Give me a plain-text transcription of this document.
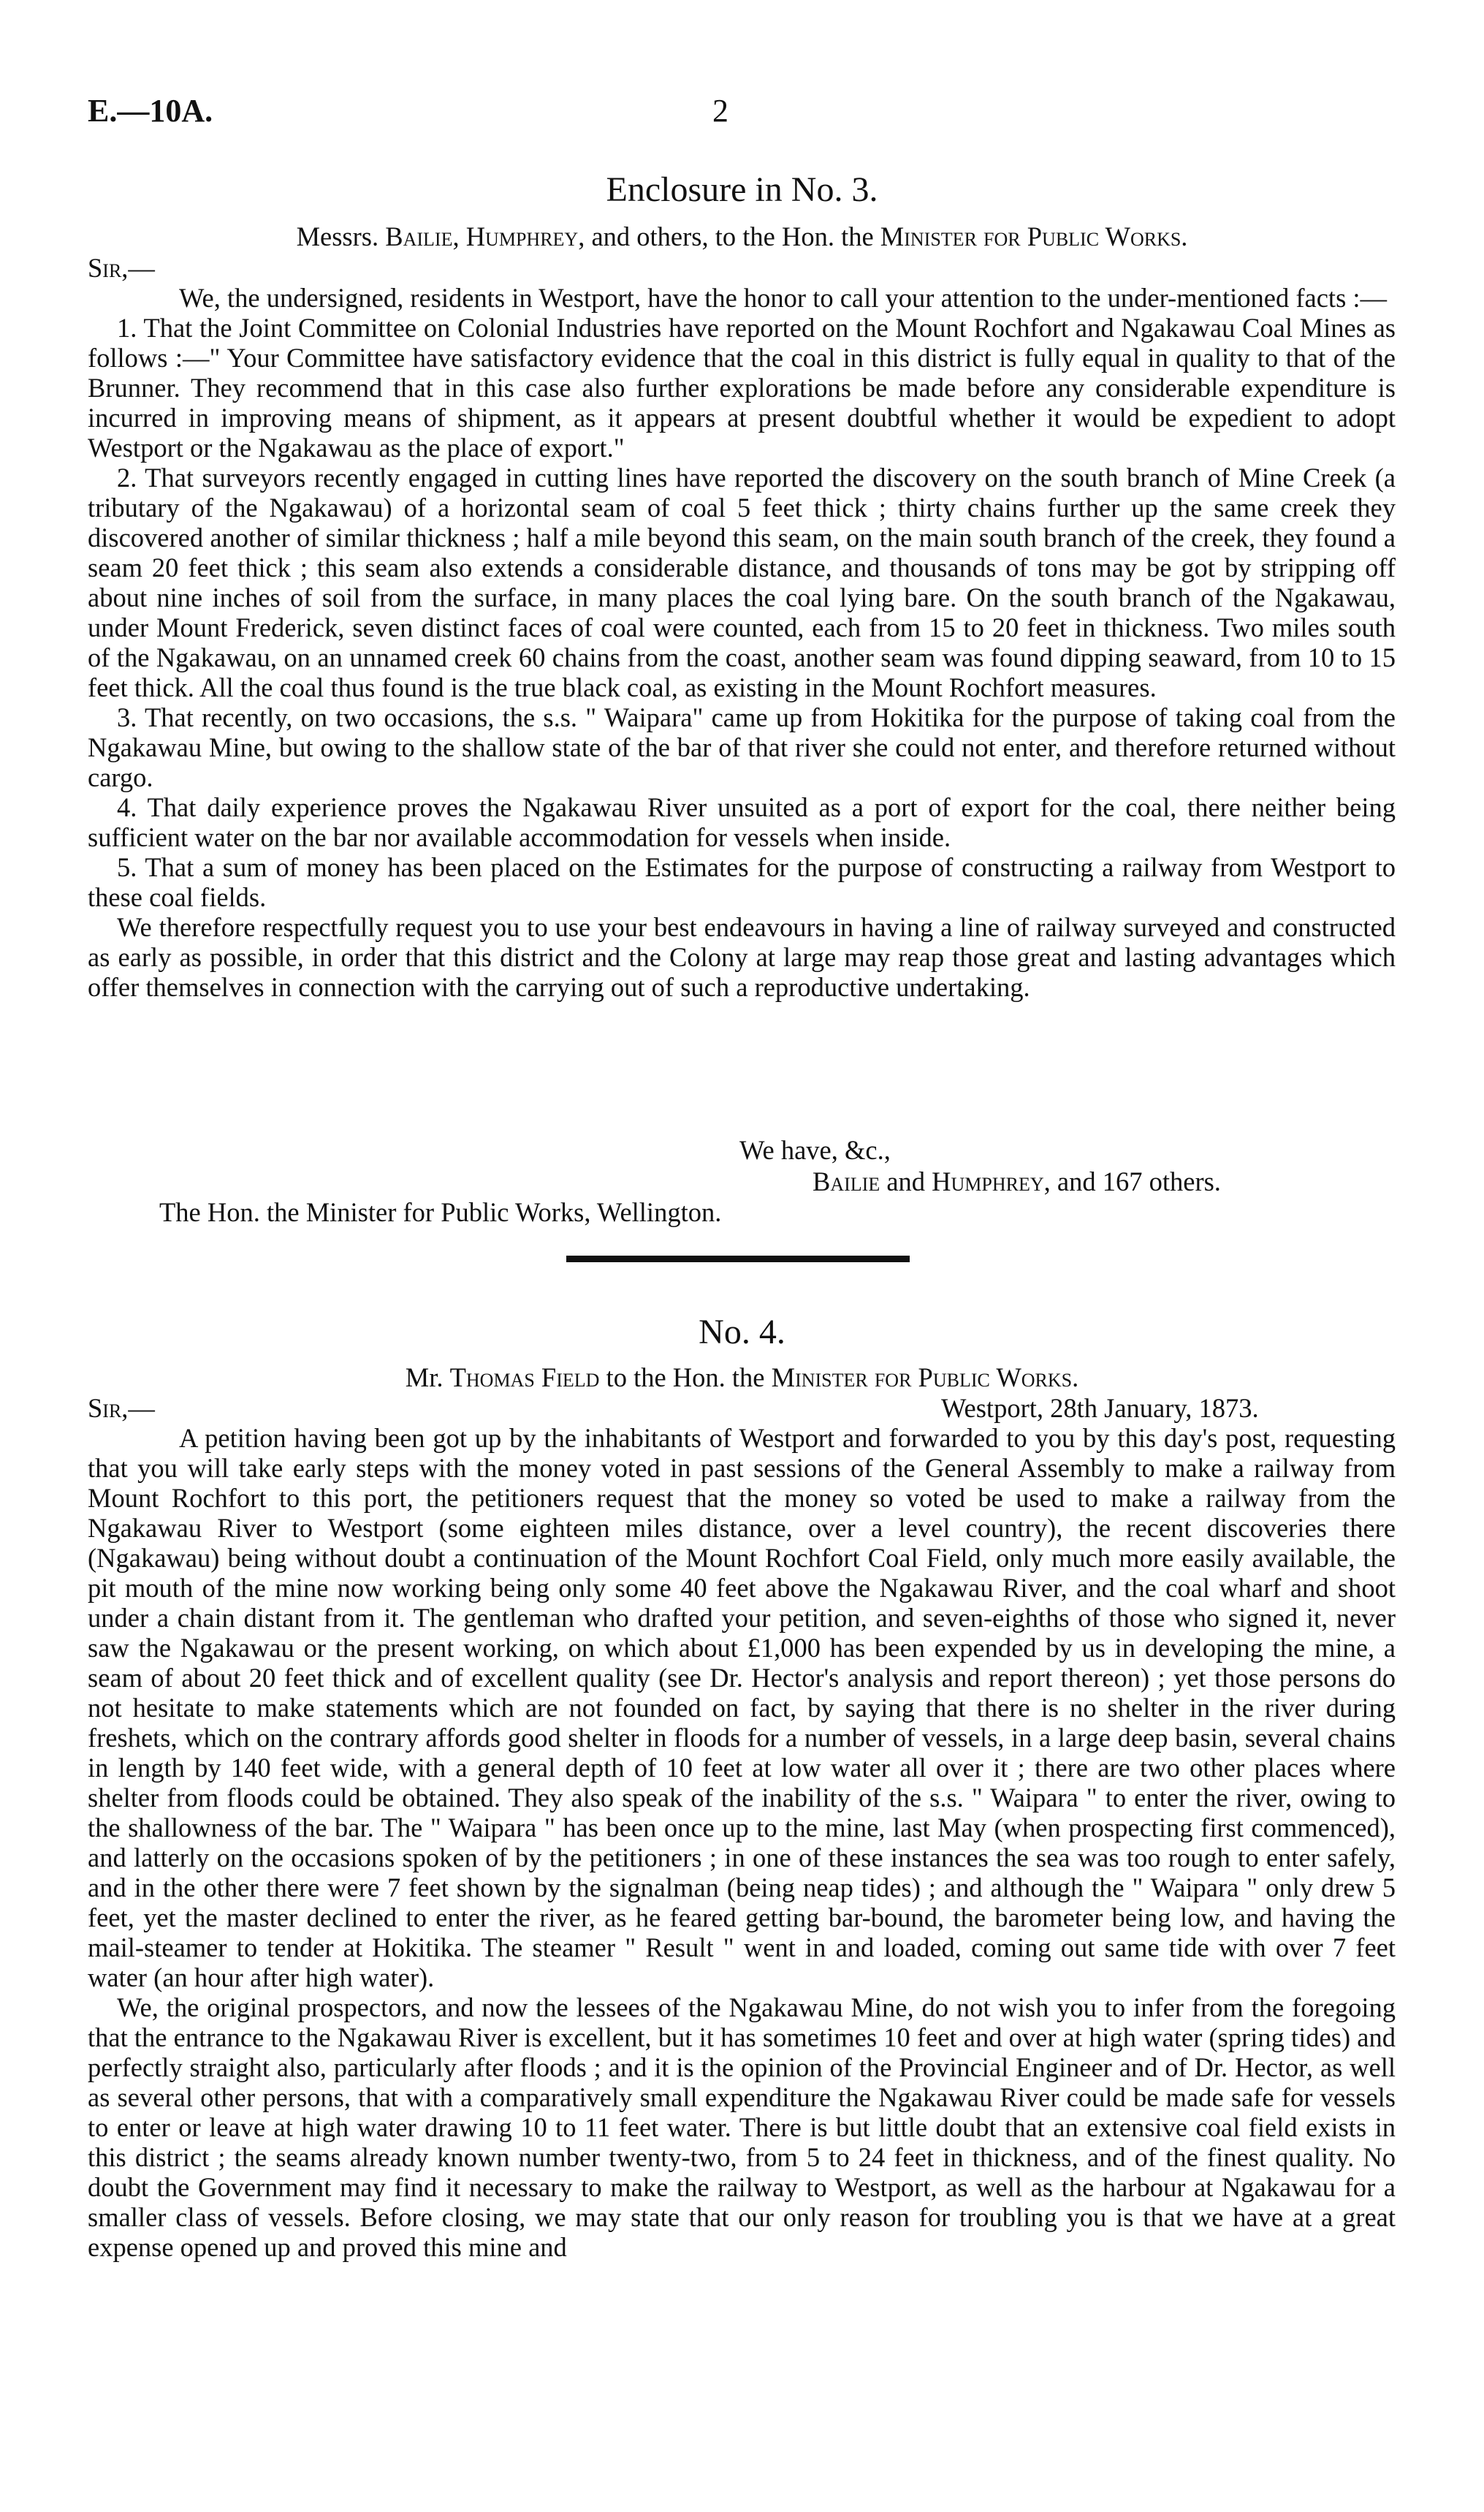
E.—10A.	2
Enclosure in No. 3.
Messrs. Bailie, Humphrey, and others, to the Hon. the Minister for Public Works.
Sir,—

We, the undersigned, residents in Westport, have the honor to call your attention to the under-mentioned facts :—

1. That the Joint Committee on Colonial Industries have reported on the Mount Rochfort and Ngakawau Coal Mines as follows :—" Your Committee have satisfactory evidence that the coal in this district is fully equal in quality to that of the Brunner. They recommend that in this case also further explorations be made before any considerable expenditure is incurred in improving means of shipment, as it appears at present doubtful whether it would be expedient to adopt Westport or the Ngakawau as the place of export."

2. That surveyors recently engaged in cutting lines have reported the discovery on the south branch of Mine Creek (a tributary of the Ngakawau) of a horizontal seam of coal 5 feet thick ; thirty chains further up the same creek they discovered another of similar thickness ; half a mile beyond this seam, on the main south branch of the creek, they found a seam 20 feet thick ; this seam also extends a considerable distance, and thousands of tons may be got by stripping off about nine inches of soil from the surface, in many places the coal lying bare. On the south branch of the Ngakawau, under Mount Frederick, seven distinct faces of coal were counted, each from 15 to 20 feet in thickness. Two miles south of the Ngakawau, on an unnamed creek 60 chains from the coast, another seam was found dipping seaward, from 10 to 15 feet thick. All the coal thus found is the true black coal, as existing in the Mount Rochfort measures.

3. That recently, on two occasions, the s.s. " Waipara" came up from Hokitika for the purpose of taking coal from the Ngakawau Mine, but owing to the shallow state of the bar of that river she could not enter, and therefore returned without cargo.

4. That daily experience proves the Ngakawau River unsuited as a port of export for the coal, there neither being sufficient water on the bar nor available accommodation for vessels when inside.

5. That a sum of money has been placed on the Estimates for the purpose of constructing a railway from Westport to these coal fields.

We therefore respectfully request you to use your best endeavours in having a line of railway surveyed and constructed as early as possible, in order that this district and the Colony at large may reap those great and lasting advantages which offer themselves in connection with the carrying out of such a reproductive undertaking.

We have, &c.,
Bailie and Humphrey, and 167 others.
The Hon. the Minister for Public Works, Wellington.
No. 4.
Mr. Thomas Field to the Hon. the Minister for Public Works.
Sir,—	Westport, 28th January, 1873.

A petition having been got up by the inhabitants of Westport and forwarded to you by this day's post, requesting that you will take early steps with the money voted in past sessions of the General Assembly to make a railway from Mount Rochfort to this port, the petitioners request that the money so voted be used to make a railway from the Ngakawau River to Westport (some eighteen miles distance, over a level country), the recent discoveries there (Ngakawau) being without doubt a continuation of the Mount Rochfort Coal Field, only much more easily available, the pit mouth of the mine now working being only some 40 feet above the Ngakawau River, and the coal wharf and shoot under a chain distant from it. The gentleman who drafted your petition, and seven-eighths of those who signed it, never saw the Ngakawau or the present working, on which about £1,000 has been expended by us in developing the mine, a seam of about 20 feet thick and of excellent quality (see Dr. Hector's analysis and report thereon) ; yet those persons do not hesitate to make statements which are not founded on fact, by saying that there is no shelter in the river during freshets, which on the contrary affords good shelter in floods for a number of vessels, in a large deep basin, several chains in length by 140 feet wide, with a general depth of 10 feet at low water all over it ; there are two other places where shelter from floods could be obtained. They also speak of the inability of the s.s. " Waipara " to enter the river, owing to the shallowness of the bar. The " Waipara " has been once up to the mine, last May (when prospecting first commenced), and latterly on the occasions spoken of by the petitioners ; in one of these instances the sea was too rough to enter safely, and in the other there were 7 feet shown by the signalman (being neap tides) ; and although the " Waipara " only drew 5 feet, yet the master declined to enter the river, as he feared getting bar-bound, the barometer being low, and having the mail-steamer to tender at Hokitika. The steamer " Result " went in and loaded, coming out same tide with over 7 feet water (an hour after high water).

We, the original prospectors, and now the lessees of the Ngakawau Mine, do not wish you to infer from the foregoing that the entrance to the Ngakawau River is excellent, but it has sometimes 10 feet and over at high water (spring tides) and perfectly straight also, particularly after floods ; and it is the opinion of the Provincial Engineer and of Dr. Hector, as well as several other persons, that with a comparatively small expenditure the Ngakawau River could be made safe for vessels to enter or leave at high water drawing 10 to 11 feet water. There is but little doubt that an extensive coal field exists in this district ; the seams already known number twenty-two, from 5 to 24 feet in thickness, and of the finest quality. No doubt the Government may find it necessary to make the railway to Westport, as well as the harbour at Ngakawau for a smaller class of vessels. Before closing, we may state that our only reason for troubling you is that we have at a great expense opened up and proved this mine and
